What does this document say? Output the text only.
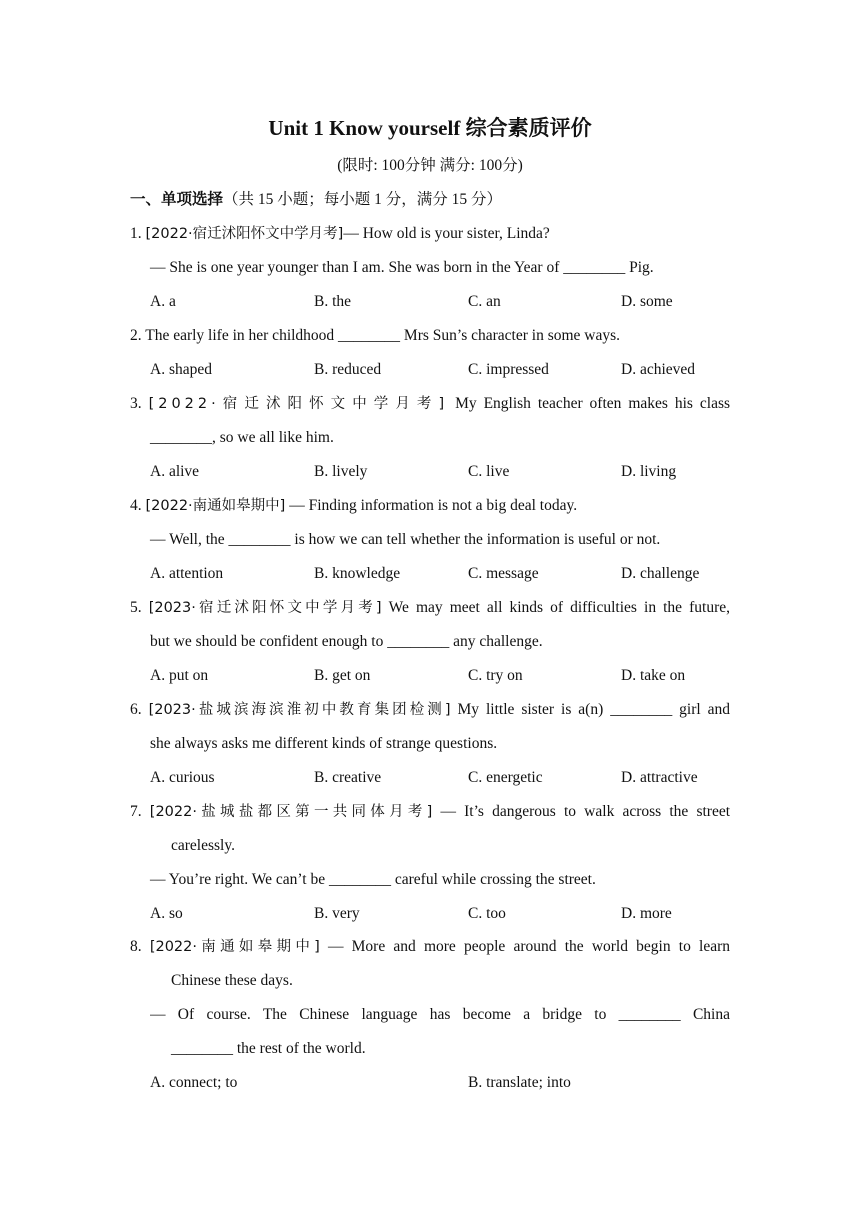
Unit 1 Know yourself 综合素质评价
(限时: 100分钟 满分: 100分)
一、单项选择（共 15 小题；每小题 1 分，满分 15 分）
1. [2022·宿迁沭阳怀文中学月考]— How old is your sister, Linda?
— She is one year younger than I am. She was born in the Year of ________ Pig.
A. a	B. the	C. an	D. some
2. The early life in her childhood ________ Mrs Sun’s character in some ways.
A. shaped	B. reduced	C. impressed	D. achieved
3. [2022·宿迁沭阳怀文中学月考] My English teacher often makes his class
________, so we all like him.
A. alive	B. lively	C. live	D. living
4. [2022·南通如皋期中] — Finding information is not a big deal today.
— Well, the ________ is how we can tell whether the information is useful or not.
A. attention	B. knowledge	C. message	D. challenge
5. [2023·宿迁沭阳怀文中学月考] We may meet all kinds of difficulties in the future,
but we should be confident enough to ________ any challenge.
A. put on	B. get on	C. try on	D. take on
6. [2023·盐城滨海滨淮初中教育集团检测] My little sister is a(n) ________ girl and
she always asks me different kinds of strange questions.
A. curious	B. creative	C. energetic	D. attractive
7. [2022·盐城盐都区第一共同体月考] — It’s dangerous to walk across the street
carelessly.
— You’re right. We can’t be ________ careful while crossing the street.
A. so	B. very	C. too	D. more
8. [2022·南通如皋期中] — More and more people around the world begin to learn
Chinese these days.
— Of course. The Chinese language has become a bridge to ________ China
________ the rest of the world.
A. connect; to	B. translate; into
